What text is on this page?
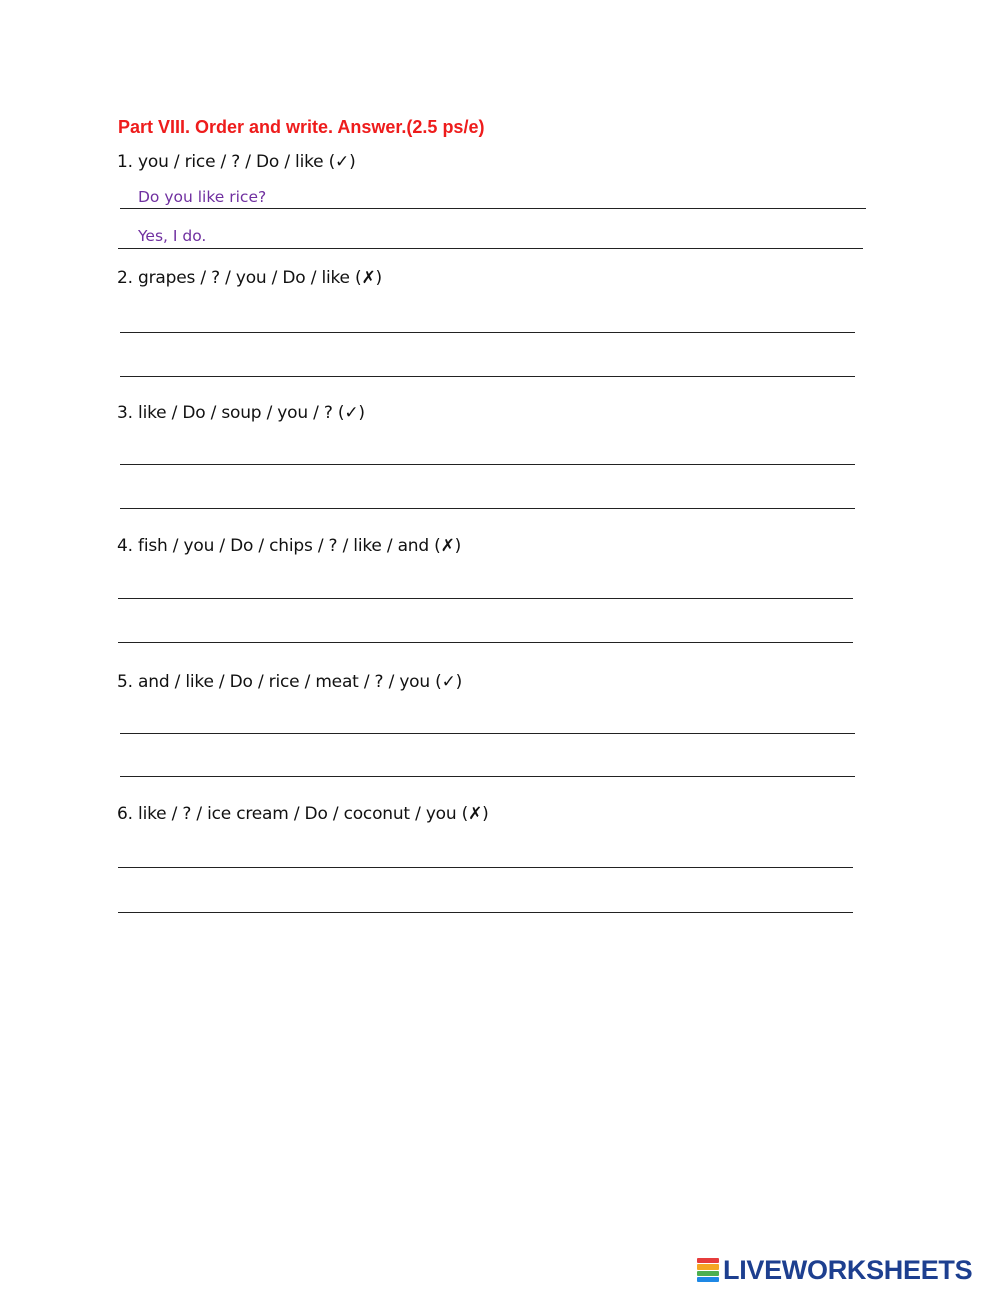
Part VIII. Order and write. Answer.(2.5 ps/e)
1. you / rice / ? / Do / like (✓)
Do you like rice?
Yes, I do.
2. grapes / ? / you / Do / like (✗)
3. like / Do / soup / you / ? (✓)
4. fish / you / Do / chips / ? / like / and (✗)
5. and / like / Do / rice / meat / ? / you (✓)
6. like / ? / ice cream / Do / coconut / you (✗)
LIVEWORKSHEETS
